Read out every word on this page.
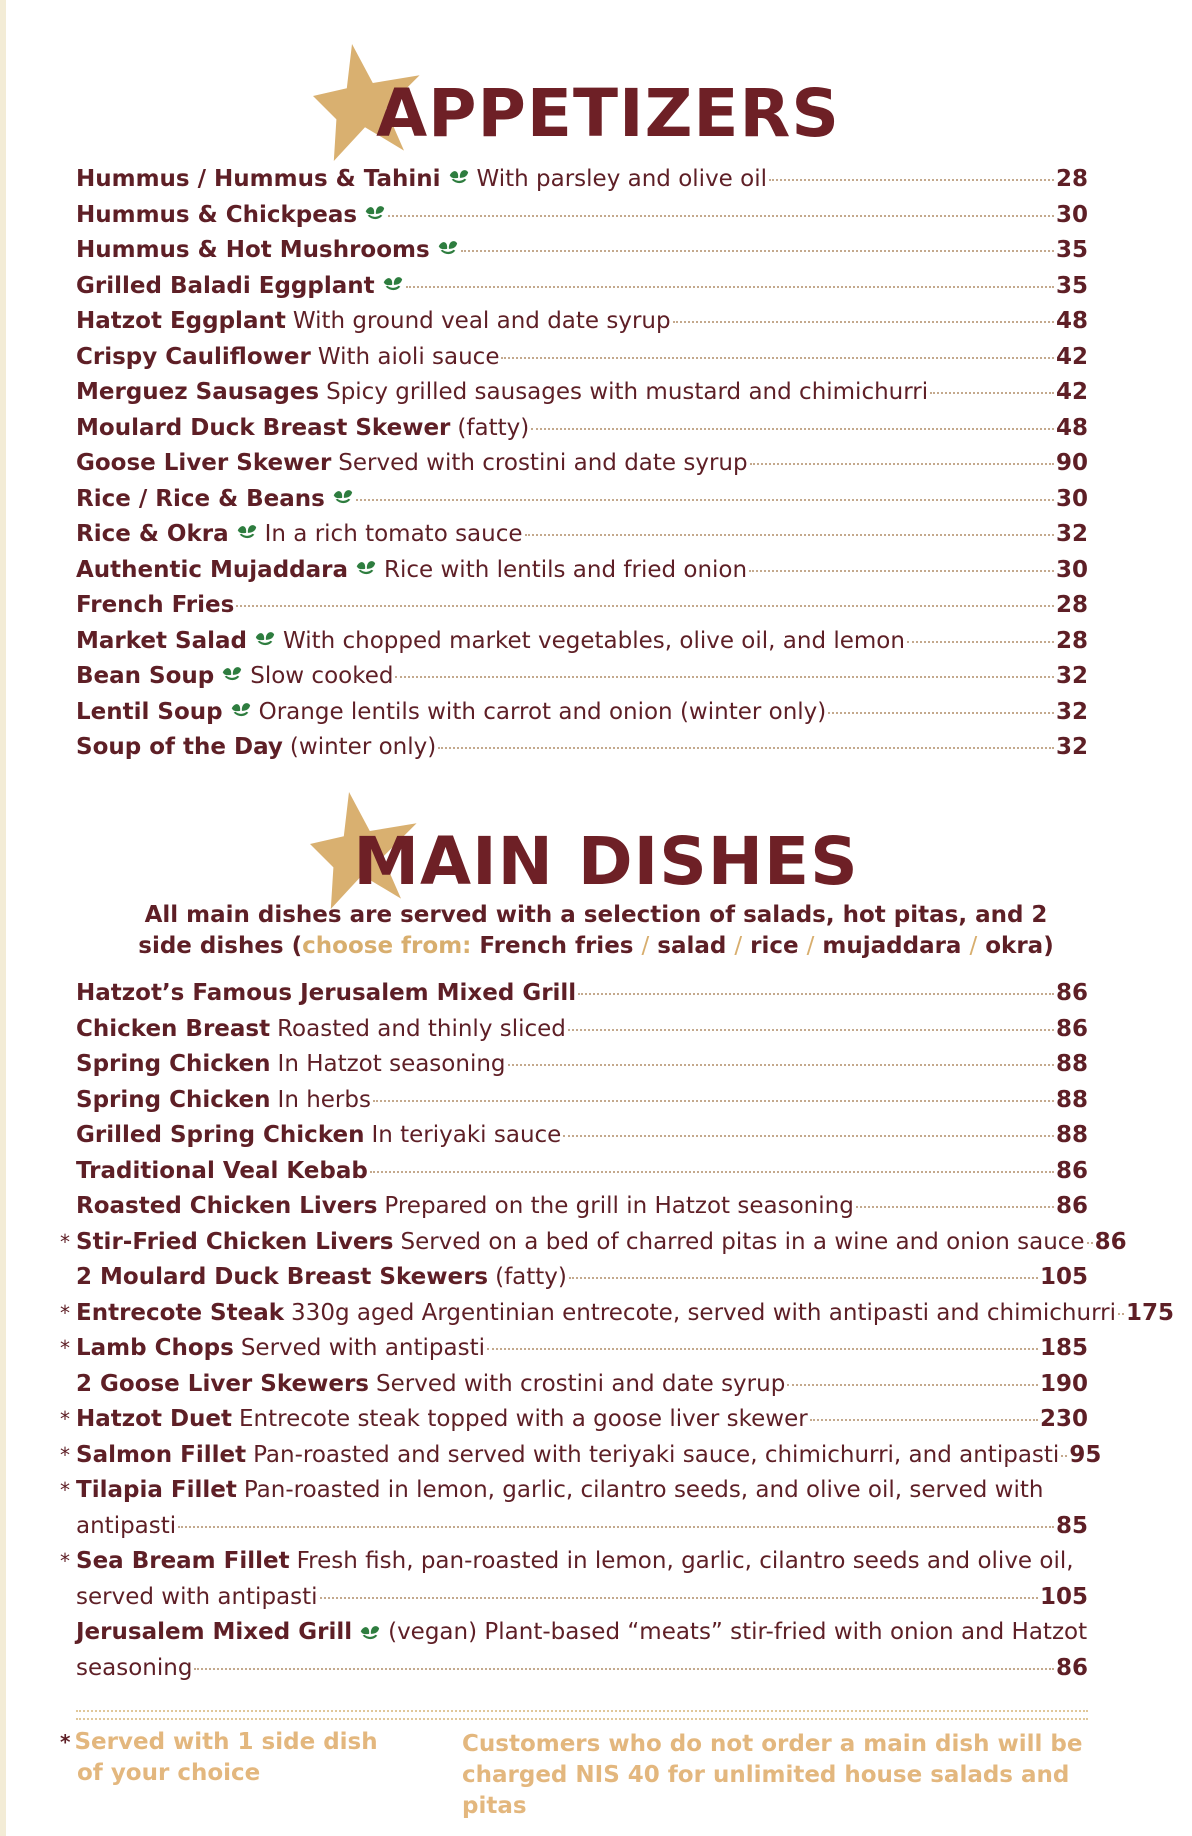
APPETIZERS
Hummus / Hummus & Tahini With parsley and olive oil	28
Hummus & Chickpeas	30
Hummus & Hot Mushrooms	35
Grilled Baladi Eggplant	35
Hatzot Eggplant With ground veal and date syrup	48
Crispy Cauliflower With aioli sauce	42
Merguez Sausages Spicy grilled sausages with mustard and chimichurri	42
Moulard Duck Breast Skewer (fatty)	48
Goose Liver Skewer Served with crostini and date syrup	90
Rice / Rice & Beans	30
Rice & Okra In a rich tomato sauce	32
Authentic Mujaddara Rice with lentils and fried onion	30
French Fries	28
Market Salad With chopped market vegetables, olive oil, and lemon	28
Bean Soup Slow cooked	32
Lentil Soup Orange lentils with carrot and onion (winter only)	32
Soup of the Day (winter only)	32
MAIN DISHES
All main dishes are served with a selection of salads, hot pitas, and 2
side dishes (choose from: French fries / salad / rice / mujaddara / okra)
Hatzot’s Famous Jerusalem Mixed Grill	86
Chicken Breast Roasted and thinly sliced	86
Spring Chicken In Hatzot seasoning	88
Spring Chicken In herbs	88
Grilled Spring Chicken In teriyaki sauce	88
Traditional Veal Kebab	86
Roasted Chicken Livers Prepared on the grill in Hatzot seasoning	86
* Stir-Fried Chicken Livers Served on a bed of charred pitas in a wine and onion sauce 86
2 Moulard Duck Breast Skewers (fatty)	105
* Entrecote Steak 330g aged Argentinian entrecote, served with antipasti and chimichurri 175
* Lamb Chops Served with antipasti	185
2 Goose Liver Skewers Served with crostini and date syrup	190
* Hatzot Duet Entrecote steak topped with a goose liver skewer	230
* Salmon Fillet Pan-roasted and served with teriyaki sauce, chimichurri, and antipasti 95
* Tilapia Fillet Pan-roasted in lemon, garlic, cilantro seeds, and olive oil, served with
antipasti	85
* Sea Bream Fillet Fresh fish, pan-roasted in lemon, garlic, cilantro seeds and olive oil,
served with antipasti	105
Jerusalem Mixed Grill (vegan) Plant-based “meats” stir-fried with onion and Hatzot
seasoning	86
* Served with 1 side dish
of your choice
Customers who do not order a main dish will be
charged NIS 40 for unlimited house salads and pitas
